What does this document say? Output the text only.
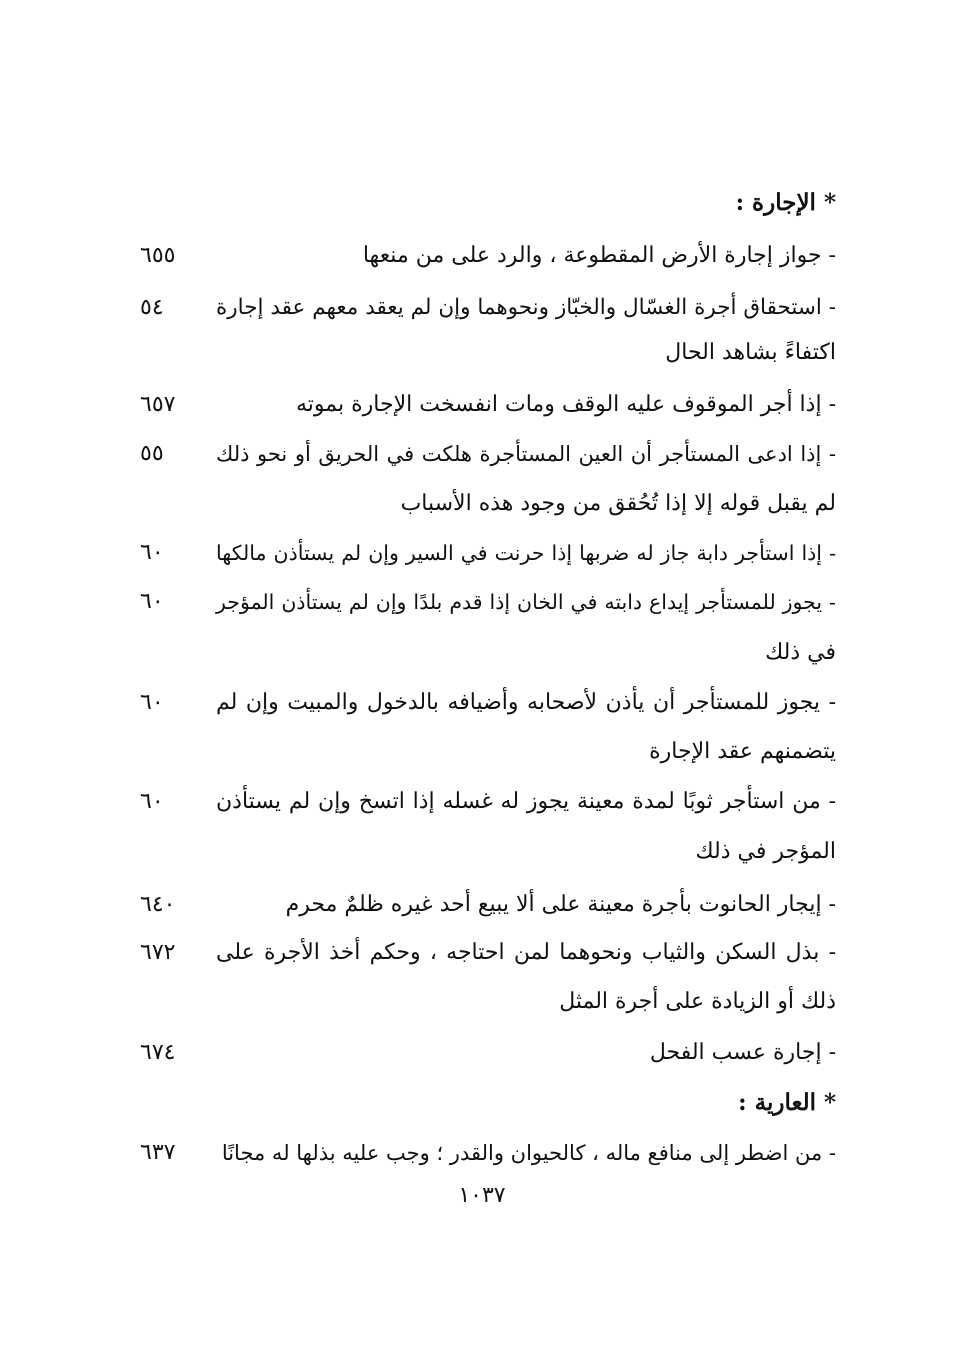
* الإجارة :
- جواز إجارة الأرض المقطوعة ، والرد على من منعها
٦٥٥
- استحقاق أجرة الغسّال والخبّاز ونحوهما وإن لم يعقد معهم عقد إجارة
٥٤
اكتفاءً بشاهد الحال
- إذا أجر الموقوف عليه الوقف ومات انفسخت الإجارة بموته
٦٥٧
- إذا ادعى المستأجر أن العين المستأجرة هلكت في الحريق أو نحو ذلك
٥٥
لم يقبل قوله إلا إذا تُحُقق من وجود هذه الأسباب
- إذا استأجر دابة جاز له ضربها إذا حرنت في السير وإن لم يستأذن مالكها
٦٠
- يجوز للمستأجر إيداع دابته في الخان إذا قدم بلدًا وإن لم يستأذن المؤجر
٦٠
في ذلك
- يجوز للمستأجر أن يأذن لأصحابه وأضيافه بالدخول والمبيت وإن لم
٦٠
يتضمنهم عقد الإجارة
- من استأجر ثوبًا لمدة معينة يجوز له غسله إذا اتسخ وإن لم يستأذن
٦٠
المؤجر في ذلك
- إيجار الحانوت بأجرة معينة على ألا يبيع أحد غيره ظلمٌ محرم
٦٤٠
- بذل السكن والثياب ونحوهما لمن احتاجه ، وحكم أخذ الأجرة على
٦٧٢
ذلك أو الزيادة على أجرة المثل
- إجارة عسب الفحل
٦٧٤
* العارية :
- من اضطر إلى منافع ماله ، كالحيوان والقدر ؛ وجب عليه بذلها له مجانًا
٦٣٧
١٠٣٧
